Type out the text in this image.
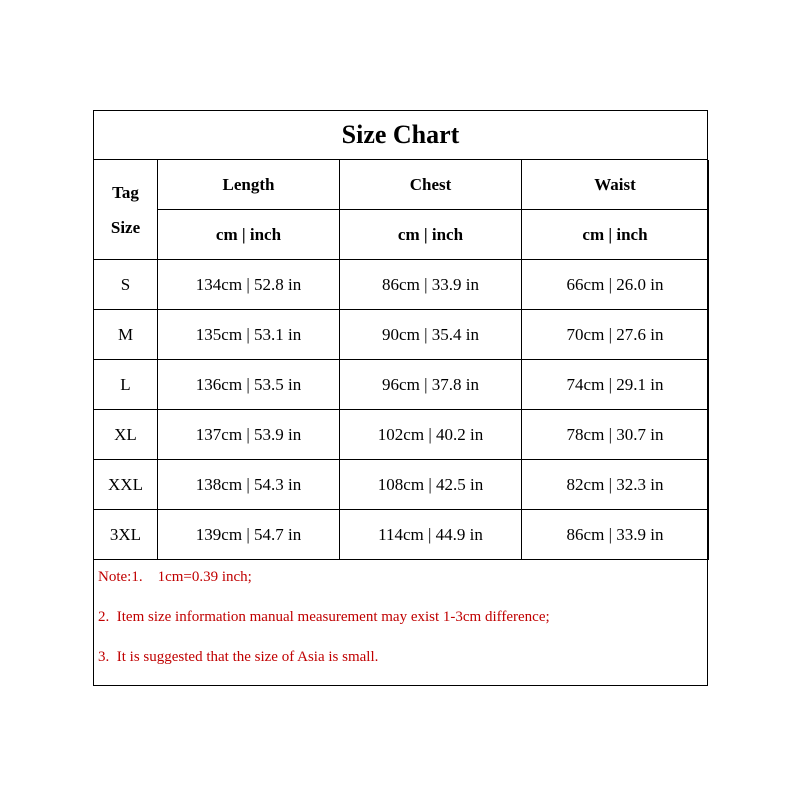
Size Chart
Tag
Size	Length	Chest	Waist
	cm | inch	cm | inch	cm | inch
S	134cm | 52.8 in	86cm | 33.9 in	66cm | 26.0 in
M	135cm | 53.1 in	90cm | 35.4 in	70cm | 27.6 in
L	136cm | 53.5 in	96cm | 37.8 in	74cm | 29.1 in
XL	137cm | 53.9 in	102cm | 40.2 in	78cm | 30.7 in
XXL	138cm | 54.3 in	108cm | 42.5 in	82cm | 32.3 in
3XL	139cm | 54.7 in	114cm | 44.9 in	86cm | 33.9 in
Note:1.    1cm=0.39 inch;
2.  Item size information manual measurement may exist 1-3cm difference;
3.  It is suggested that the size of Asia is small.
